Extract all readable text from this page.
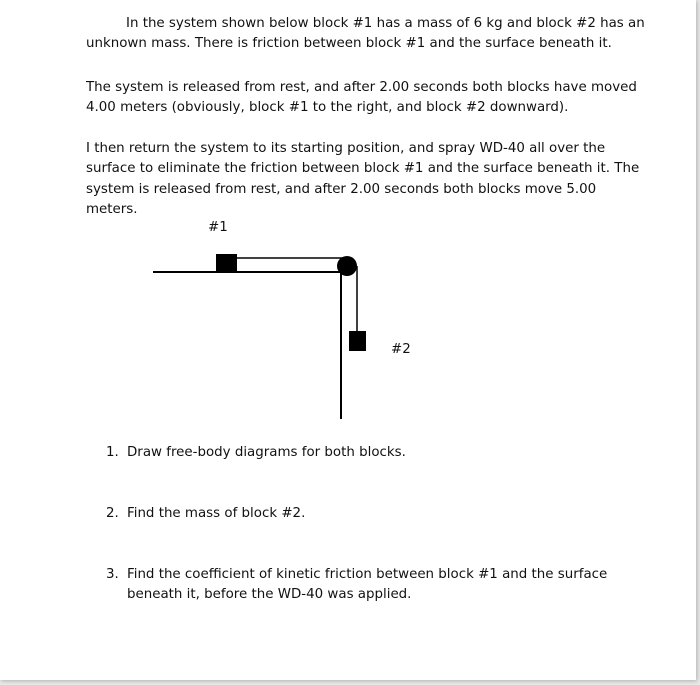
In the system shown below block #1 has a mass of 6 kg and block #2 has an unknown mass. There is friction between block #1 and the surface beneath it.

The system is released from rest, and after 2.00 seconds both blocks have moved 4.00 meters (obviously, block #1 to the right, and block #2 downward).

I then return the system to its starting position, and spray WD-40 all over the surface to eliminate the friction between block #1 and the surface beneath it. The system is released from rest, and after 2.00 seconds both blocks move 5.00 meters.

#1
#2
1. Draw free-body diagrams for both blocks.
2. Find the mass of block #2.
3. Find the coefficient of kinetic friction between block #1 and the surface beneath it, before the WD-40 was applied.
